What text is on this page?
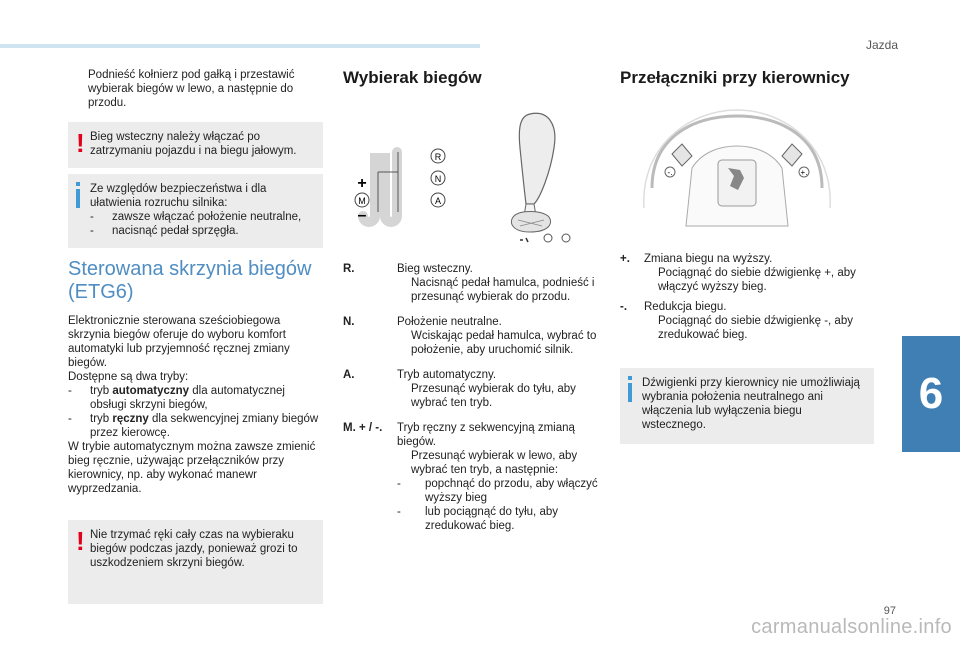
Jazda
6
97
carmanualsonline.info
Podnieść kołnierz pod gałką i przestawić wybierak biegów w lewo, a następnie do przodu.
! Bieg wsteczny należy włączać po zatrzymaniu pojazdu i na biegu jałowym.
Ze względów bezpieczeństwa i dla ułatwienia rozruchu silnika:
- zawsze włączać położenie neutralne,
- nacisnąć pedał sprzęgła.
Sterowana skrzynia biegów (ETG6)
Elektronicznie sterowana sześciobiegowa skrzynia biegów oferuje do wyboru komfort automatyki lub przyjemność ręcznej zmiany biegów.
Dostępne są dwa tryby:
- tryb automatyczny dla automatycznej obsługi skrzyni biegów,
- tryb ręczny dla sekwencyjnej zmiany biegów przez kierowcę.
W trybie automatycznym można zawsze zmienić bieg ręcznie, używając przełączników przy kierownicy, np. aby wykonać manewr wyprzedzania.
! Nie trzymać ręki cały czas na wybieraku biegów podczas jazdy, ponieważ grozi to uszkodzeniem skrzyni biegów.
Wybierak biegów
R
N
A
M
+
–
R.	Bieg wsteczny.
Nacisnąć pedał hamulca, podnieść i przesunąć wybierak do przodu.
N.	Położenie neutralne.
Wciskając pedał hamulca, wybrać to położenie, aby uruchomić silnik.
A.	Tryb automatyczny.
Przesunąć wybierak do tyłu, aby wybrać ten tryb.
M. + / -. Tryb ręczny z sekwencyjną zmianą biegów.
Przesunąć wybierak w lewo, aby wybrać ten tryb, a następnie:
-	popchnąć do przodu, aby włączyć wyższy bieg
-	lub pociągnąć do tyłu, aby zredukować bieg.
Przełączniki przy kierownicy
-.	+.
+. Zmiana biegu na wyższy.
Pociągnąć do siebie dźwigienkę +, aby włączyć wyższy bieg.
-. Redukcja biegu.
Pociągnąć do siebie dźwigienkę -, aby zredukować bieg.
Dźwigienki przy kierownicy nie umożliwiają wybrania położenia neutralnego ani włączenia lub wyłączenia biegu wstecznego.
